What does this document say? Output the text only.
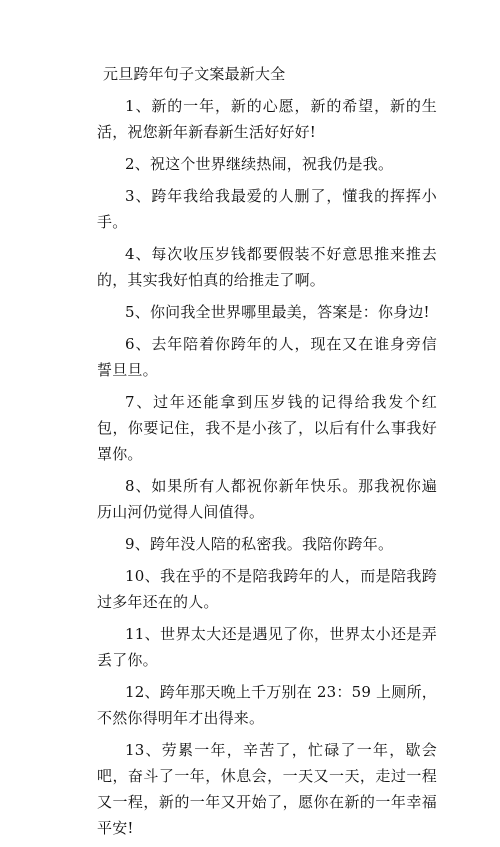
元旦跨年句子文案最新大全

1、新的一年，新的心愿，新的希望，新的生活，祝您新年新春新生活好好好!

2、祝这个世界继续热闹，祝我仍是我。

3、跨年我给我最爱的人删了，懂我的挥挥小手。

4、每次收压岁钱都要假装不好意思推来推去的，其实我好怕真的给推走了啊。

5、你问我全世界哪里最美，答案是：你身边!

6、去年陪着你跨年的人，现在又在谁身旁信誓旦旦。

7、过年还能拿到压岁钱的记得给我发个红包，你要记住，我不是小孩了，以后有什么事我好罩你。

8、如果所有人都祝你新年快乐。那我祝你遍历山河仍觉得人间值得。

9、跨年没人陪的私密我。我陪你跨年。

10、我在乎的不是陪我跨年的人，而是陪我跨过多年还在的人。

11、世界太大还是遇见了你，世界太小还是弄丢了你。

12、跨年那天晚上千万别在 23：59 上厕所，不然你得明年才出得来。

13、劳累一年，辛苦了，忙碌了一年，歇会吧，奋斗了一年，休息会，一天又一天，走过一程又一程，新的一年又开始了，愿你在新的一年幸福平安!
